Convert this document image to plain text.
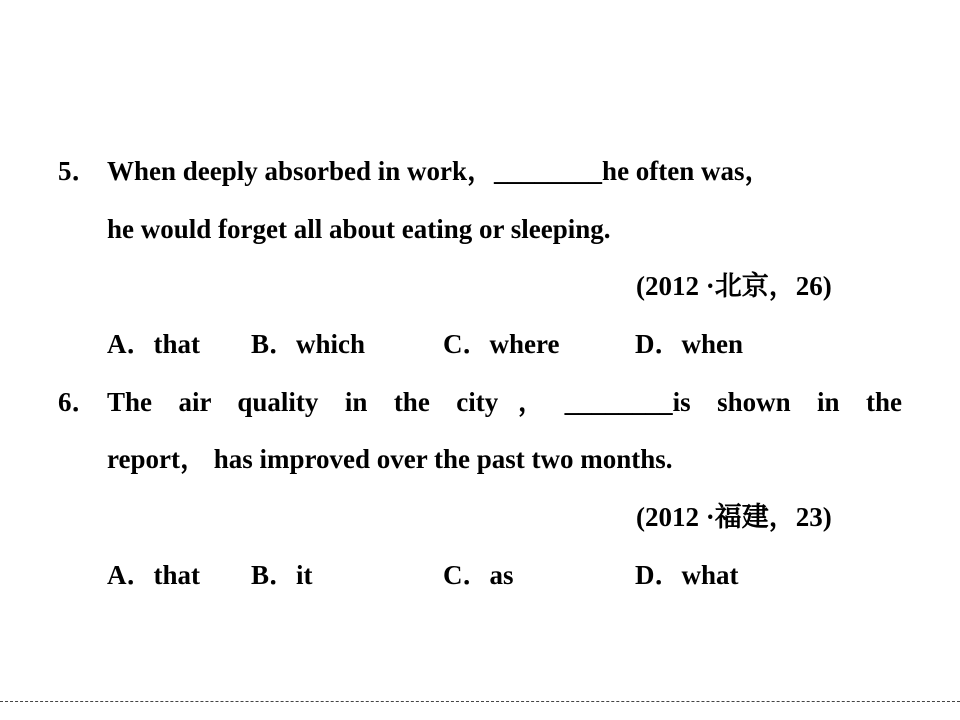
5． When deeply absorbed in work，________he often was，
he would forget all about eating or sleeping.
(2012 ·北京，26)
A．that B．which	C．where	D．when
6． The air quality in the city，________is shown in the
report， has improved over the past two months.
(2012 ·福建，23)
A．that B．it	C．as	D．what
